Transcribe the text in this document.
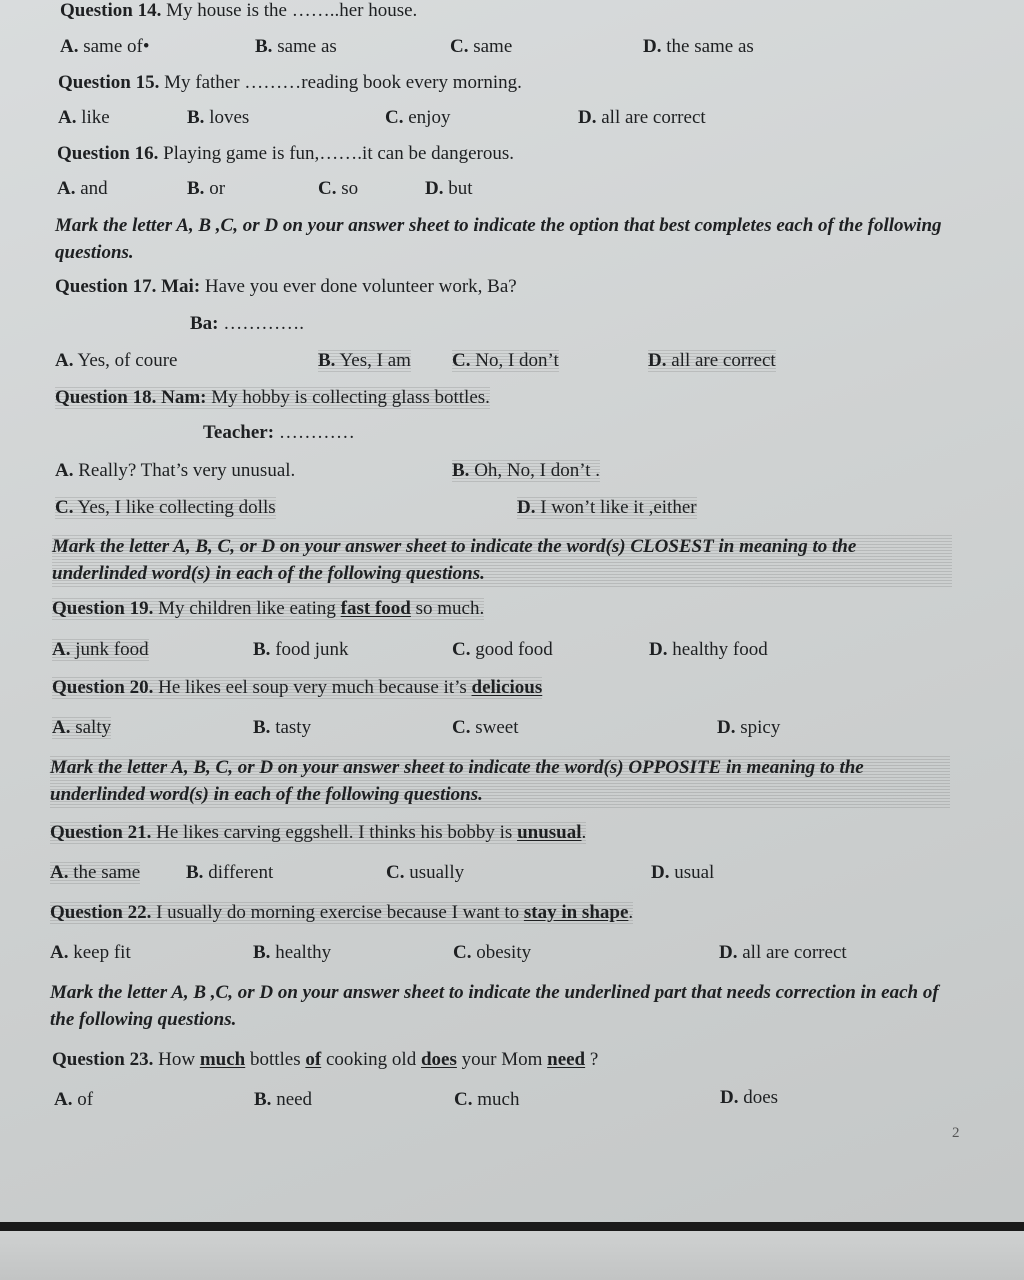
Question 14. My house is the ……..her house.
A. same of•	B. same as	C. same	D. the same as
Question 15. My father ………reading book every morning.
A. like	B. loves	C. enjoy	D. all are correct
Question 16. Playing game is fun,…….it can be dangerous.
A. and	B. or	C. so	D. but
Mark the letter A, B ,C, or D on your answer sheet to indicate the option that best completes each of the following questions.
Question 17. Mai: Have you ever done volunteer work, Ba?
Ba: ………….
A. Yes, of coure	B. Yes, I am C. No, I don’t	D. all are correct
Question 18. Nam: My hobby is collecting glass bottles.
Teacher: …………
A. Really? That’s very unusual.	B. Oh, No, I don’t .
C. Yes, I like collecting dolls	D. I won’t like it ,either
Mark the letter A, B, C, or D on your answer sheet to indicate the word(s) CLOSEST in meaning to the underlinded word(s) in each of the following questions.
Question 19. My children like eating fast food so much.
A. junk food	B. food junk	C. good food	D. healthy food
Question 20. He likes eel soup very much because it’s delicious
A. salty	B. tasty	C. sweet	D. spicy
Mark the letter A, B, C, or D on your answer sheet to indicate the word(s) OPPOSITE in meaning to the underlinded word(s) in each of the following questions.
Question 21. He likes carving eggshell. I thinks his bobby is unusual.
A. the same B. different	C. usually	D. usual
Question 22. I usually do morning exercise because I want to stay in shape.
A. keep fit	B. healthy	C. obesity	D. all are correct
Mark the letter A, B ,C, or D on your answer sheet to indicate the underlined part that needs correction in each of the following questions.
Question 23. How much bottles of cooking old does your Mom need ?
A. of	B. need	C. much	D. does
2
